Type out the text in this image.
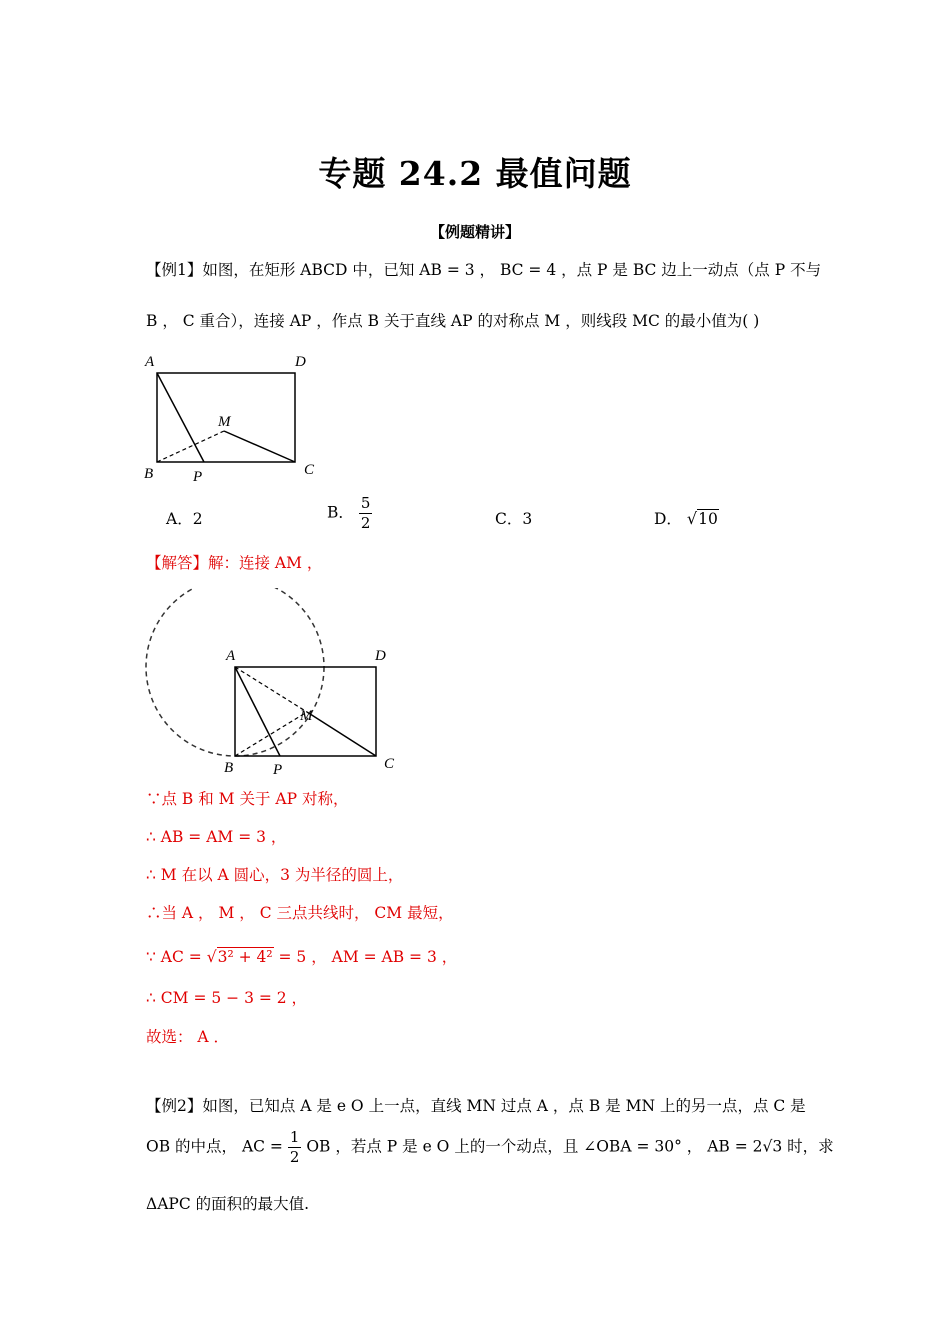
专题 24.2 最值问题
【例题精讲】
【例1】如图，在矩形 ABCD 中，已知 AB = 3 ， BC = 4 ，点 P 是 BC 边上一动点（点 P 不与
B ， C 重合），连接 AP ，作点 B 关于直线 AP 的对称点 M ，则线段 MC 的最小值为( )
A	D
M
B	P	C
A．2	B． $\frac{5}{2}$	C．3	D． √10
【解答】解：连接 AM ，
A	D
M
B	P	C
∵点 B 和 M 关于 AP 对称，
∴ AB = AM = 3 ，
∴ M 在以 A 圆心，3 为半径的圆上，
∴当 A ， M ， C 三点共线时， CM 最短，
∵ AC = √3² + 4² = 5 ， AM = AB = 3 ，
∴ CM = 5 − 3 = 2 ，
故选： A ．
【例2】如图，已知点 A 是 e O 上一点，直线 MN 过点 A ，点 B 是 MN 上的另一点，点 C 是
OB 的中点， AC = $\frac{1}{2}$ OB ，若点 P 是 e O 上的一个动点，且 ∠OBA = 30° ， AB = 2√3 时，求
ΔAPC 的面积的最大值.
